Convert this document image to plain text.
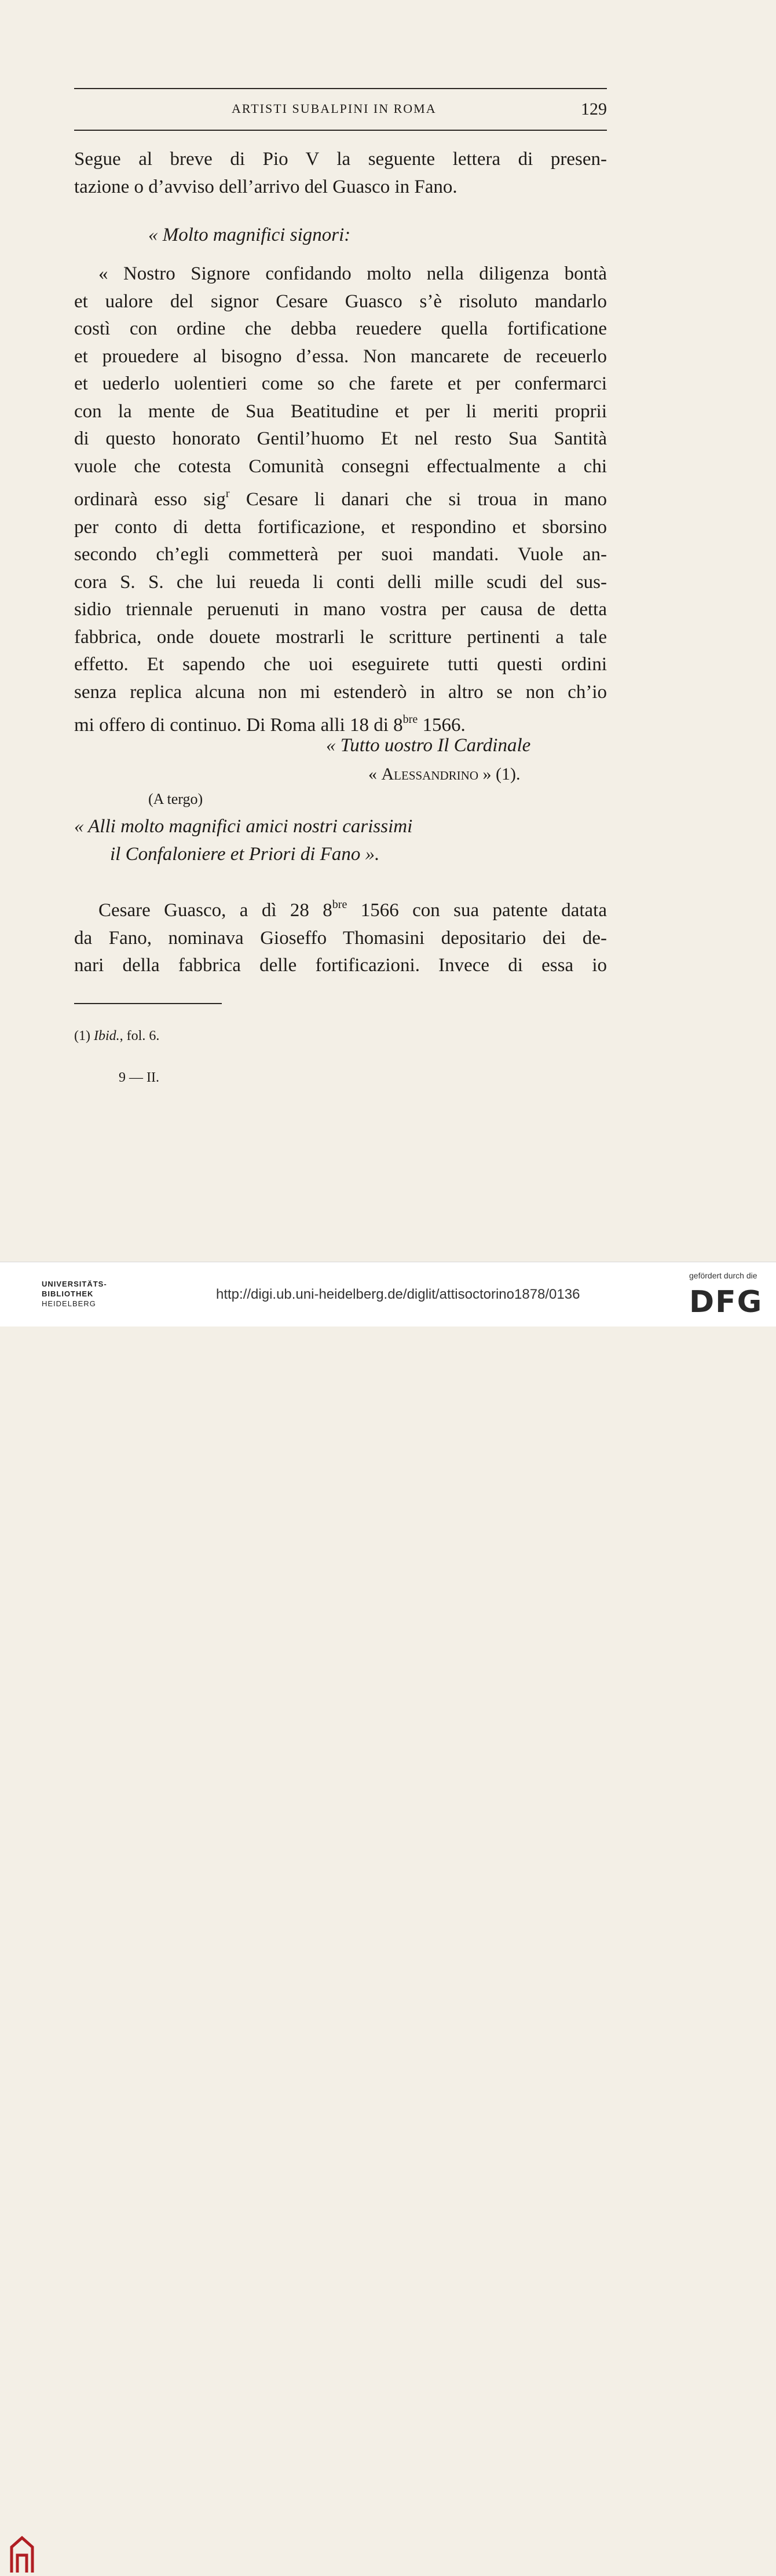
ARTISTI SUBALPINI IN ROMA	129
Segue al breve di Pio V la seguente lettera di presen-
tazione o d’avviso dell’arrivo del Guasco in Fano.
« Molto magnifici signori:
« Nostro Signore confidando molto nella diligenza bontà
et ualore del signor Cesare Guasco s’è risoluto mandarlo
costì con ordine che debba reuedere quella fortificatione
et prouedere al bisogno d’essa. Non mancarete de receuerlo
et uederlo uolentieri come so che farete et per confermarci
con la mente de Sua Beatitudine et per li meriti proprii
di questo honorato Gentil’huomo Et nel resto Sua Santità
vuole che cotesta Comunità consegni effectualmente a chi
ordinarà esso sig$^r$ Cesare li danari che si troua in mano
per conto di detta fortificazione, et respondino et sborsino
secondo ch’egli commetterà per suoi mandati. Vuole an-
cora S. S. che lui reueda li conti delli mille scudi del sus-
sidio triennale peruenuti in mano vostra per causa de detta
fabbrica, onde douete mostrarli le scritture pertinenti a tale
effetto. Et sapendo che uoi eseguirete tutti questi ordini
senza replica alcuna non mi estenderò in altro se non ch’io
mi offero di continuo. Di Roma alli 18 di $8^{bre}$ 1566.
« Tutto uostro Il Cardinale
« Alessandrino » (1).
(A tergo)
« Alli molto magnifici amici nostri carissimi
il Confaloniere et Priori di Fano ».
Cesare Guasco, a dì 28 $8^{bre}$ 1566 con sua patente datata
da Fano, nominava Gioseffo Thomasini depositario dei de-
nari della fabbrica delle fortificazioni. Invece di essa io
(1) Ibid., fol. 6.
9 — II.
UNIVERSITÄTS-
BIBLIOTHEK
HEIDELBERG
http://digi.ub.uni-heidelberg.de/diglit/attisoctorino1878/0136
gefördert durch die
DFG
